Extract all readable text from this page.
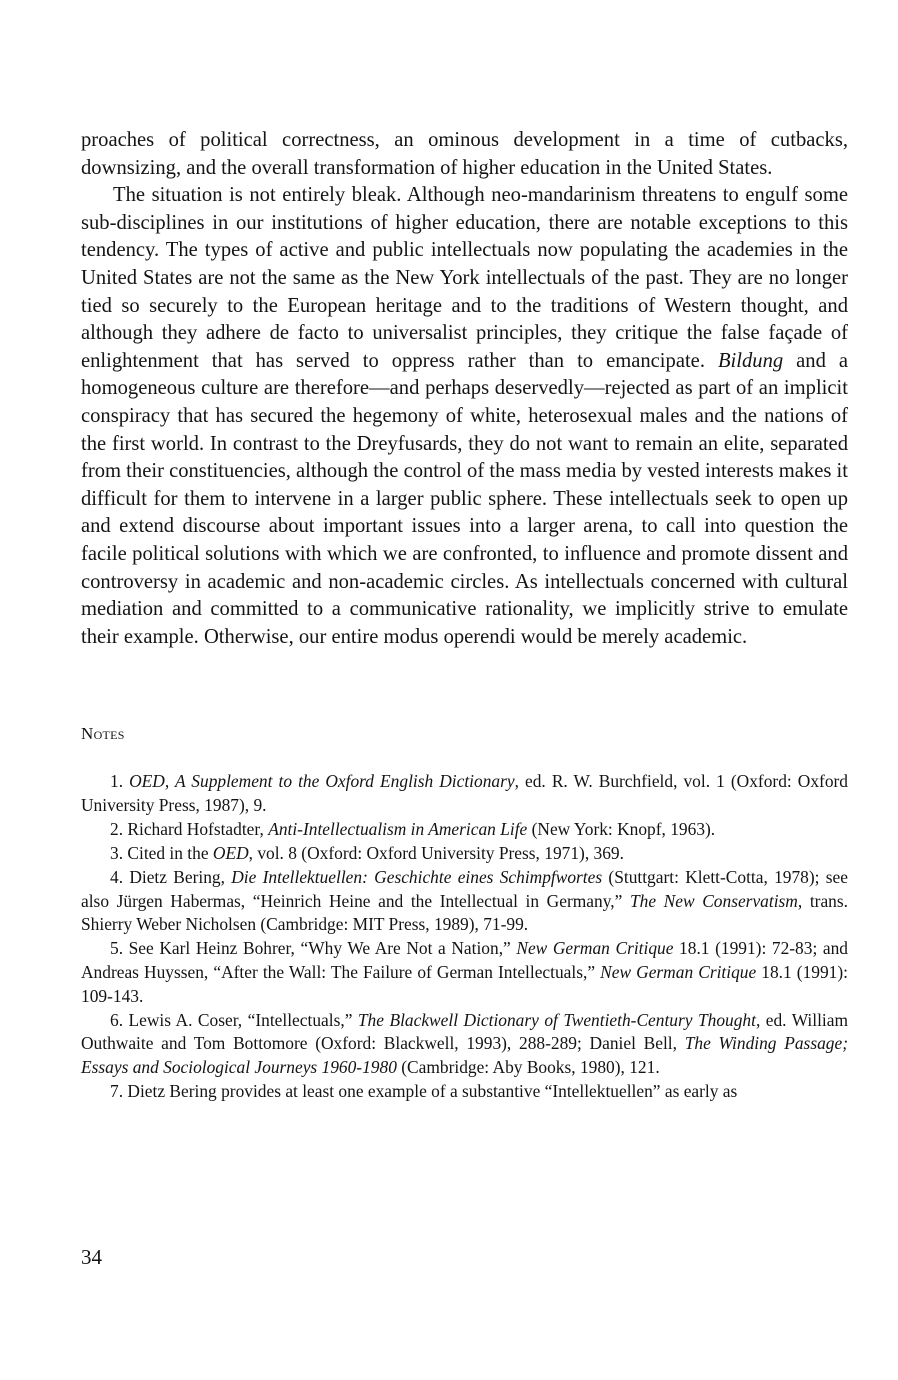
proaches of political correctness, an ominous development in a time of cutbacks, downsizing, and the overall transformation of higher education in the United States.

The situation is not entirely bleak. Although neo-mandarinism threatens to engulf some sub-disciplines in our institutions of higher education, there are notable exceptions to this tendency. The types of active and public intellectuals now populating the academies in the United States are not the same as the New York intellectuals of the past. They are no longer tied so securely to the European heritage and to the traditions of Western thought, and although they adhere de facto to universalist principles, they critique the false façade of enlightenment that has served to oppress rather than to emancipate. Bildung and a homogeneous culture are therefore—and perhaps deservedly—rejected as part of an implicit conspiracy that has secured the hegemony of white, heterosexual males and the nations of the first world. In contrast to the Dreyfusards, they do not want to remain an elite, separated from their constituencies, although the control of the mass media by vested interests makes it difficult for them to intervene in a larger public sphere. These intellectuals seek to open up and extend discourse about important issues into a larger arena, to call into question the facile political solutions with which we are confronted, to influence and promote dissent and controversy in academic and non-academic circles. As intellectuals concerned with cultural mediation and committed to a communicative rationality, we implicitly strive to emulate their example. Otherwise, our entire modus operendi would be merely academic.

Notes

1. OED, A Supplement to the Oxford English Dictionary, ed. R. W. Burchfield, vol. 1 (Oxford: Oxford University Press, 1987), 9.

2. Richard Hofstadter, Anti-Intellectualism in American Life (New York: Knopf, 1963).

3. Cited in the OED, vol. 8 (Oxford: Oxford University Press, 1971), 369.

4. Dietz Bering, Die Intellektuellen: Geschichte eines Schimpfwortes (Stuttgart: Klett-Cotta, 1978); see also Jürgen Habermas, “Heinrich Heine and the Intellectual in Germany,” The New Conservatism, trans. Shierry Weber Nicholsen (Cambridge: MIT Press, 1989), 71-99.

5. See Karl Heinz Bohrer, “Why We Are Not a Nation,” New German Critique 18.1 (1991): 72-83; and Andreas Huyssen, “After the Wall: The Failure of German Intellectuals,” New German Critique 18.1 (1991): 109-143.

6. Lewis A. Coser, “Intellectuals,” The Blackwell Dictionary of Twentieth-Century Thought, ed. William Outhwaite and Tom Bottomore (Oxford: Blackwell, 1993), 288-289; Daniel Bell, The Winding Passage; Essays and Sociological Journeys 1960-1980 (Cambridge: Aby Books, 1980), 121.

7. Dietz Bering provides at least one example of a substantive “Intellektuellen” as early as

34
